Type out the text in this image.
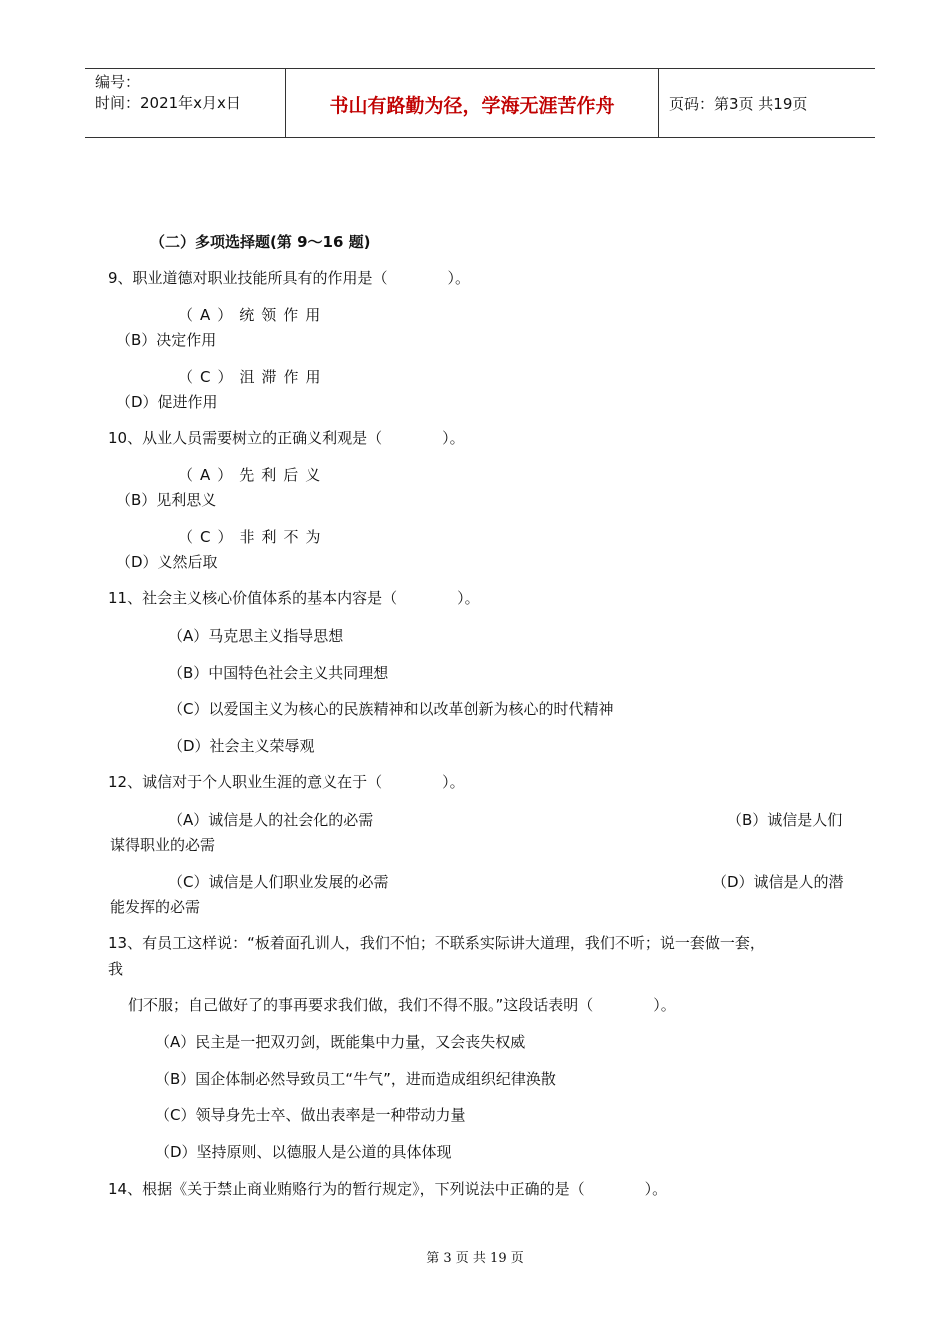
编号：
时间：2021年x月x日	书山有路勤为径，学海无涯苦作舟	页码：第3页 共19页
（二）多项选择题(第 9～16 题)
9、职业道德对职业技能所具有的作用是（　　　　）。
（A）统领作用
（B）决定作用
（C）沮滞作用
（D）促进作用
10、从业人员需要树立的正确义利观是（　　　　）。
（A）先利后义
（B）见利思义
（C）非利不为
（D）义然后取
11、社会主义核心价值体系的基本内容是（　　　　）。
（A）马克思主义指导思想
（B）中国特色社会主义共同理想
（C）以爱国主义为核心的民族精神和以改革创新为核心的时代精神
（D）社会主义荣辱观
12、诚信对于个人职业生涯的意义在于（　　　　）。
（A）诚信是人的社会化的必需	（B）诚信是人们
谋得职业的必需
（C）诚信是人们职业发展的必需	（D）诚信是人的潜
能发挥的必需
13、有员工这样说：“板着面孔训人，我们不怕；不联系实际讲大道理，我们不听；说一套做一套，
我
们不服；自己做好了的事再要求我们做，我们不得不服。”这段话表明（　　　　）。
（A）民主是一把双刃剑，既能集中力量，又会丧失权威
（B）国企体制必然导致员工“牛气”，进而造成组织纪律涣散
（C）领导身先士卒、做出表率是一种带动力量
（D）坚持原则、以德服人是公道的具体体现
14、根据《关于禁止商业贿赂行为的暂行规定》，下列说法中正确的是（　　　　）。
第 3 页 共 19 页
